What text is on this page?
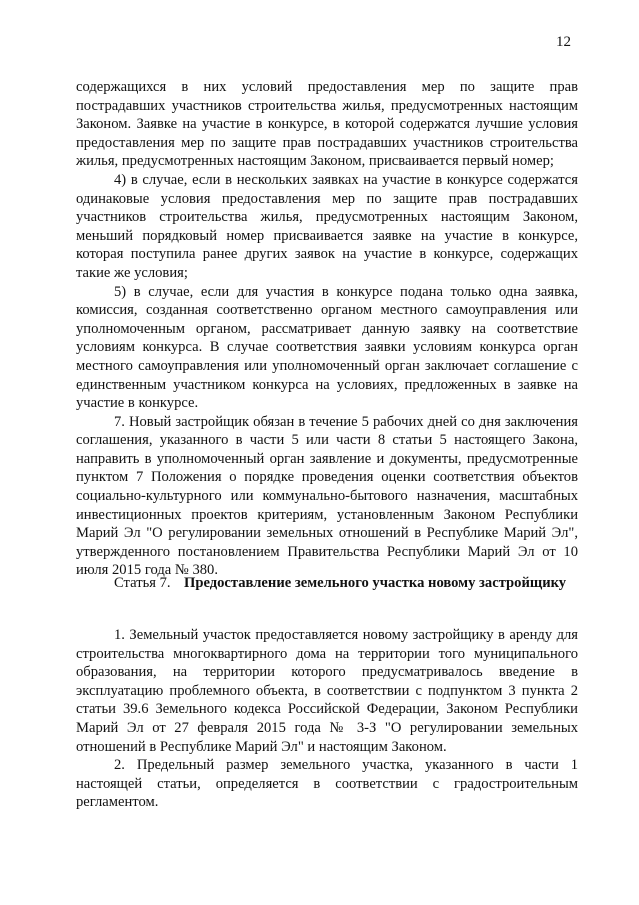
12

содержащихся в них условий предоставления мер по защите прав пострадавших участников строительства жилья, предусмотренных настоящим Законом. Заявке на участие в конкурсе, в которой содержатся лучшие условия предоставления мер по защите прав пострадавших участников строительства жилья, предусмотренных настоящим Законом, присваивается первый номер;

4) в случае, если в нескольких заявках на участие в конкурсе содержатся одинаковые условия предоставления мер по защите прав пострадавших участников строительства жилья, предусмотренных настоящим Законом, меньший порядковый номер присваивается заявке на участие в конкурсе, которая поступила ранее других заявок на участие в конкурсе, содержащих такие же условия;

5) в случае, если для участия в конкурсе подана только одна заявка, комиссия, созданная соответственно органом местного самоуправления или уполномоченным органом, рассматривает данную заявку на соответствие условиям конкурса. В случае соответствия заявки условиям конкурса орган местного самоуправления или уполномоченный орган заключает соглашение с единственным участником конкурса на условиях, предложенных в заявке на участие в конкурсе.

7. Новый застройщик обязан в течение 5 рабочих дней со дня заключения соглашения, указанного в части 5 или части 8 статьи 5 настоящего Закона, направить в уполномоченный орган заявление и документы, предусмотренные пунктом 7 Положения о порядке проведения оценки соответствия объектов социально-культурного или коммунально-бытового назначения, масштабных инвестиционных проектов критериям, установленным Законом Республики Марий Эл "О регулировании земельных отношений в Республике Марий Эл", утвержденного постановлением Правительства Республики Марий Эл от 10 июля 2015 года № 380.

Статья 7. Предоставление земельного участка новому застройщику

1. Земельный участок предоставляется новому застройщику в аренду для строительства многоквартирного дома на территории того муниципального образования, на территории которого предусматривалось введение в эксплуатацию проблемного объекта, в соответствии с подпунктом 3 пункта 2 статьи 39.6 Земельного кодекса Российской Федерации, Законом Республики Марий Эл от 27 февраля 2015 года № 3-З "О регулировании земельных отношений в Республике Марий Эл" и настоящим Законом.

2. Предельный размер земельного участка, указанного в части 1 настоящей статьи, определяется в соответствии с градостроительным регламентом.
